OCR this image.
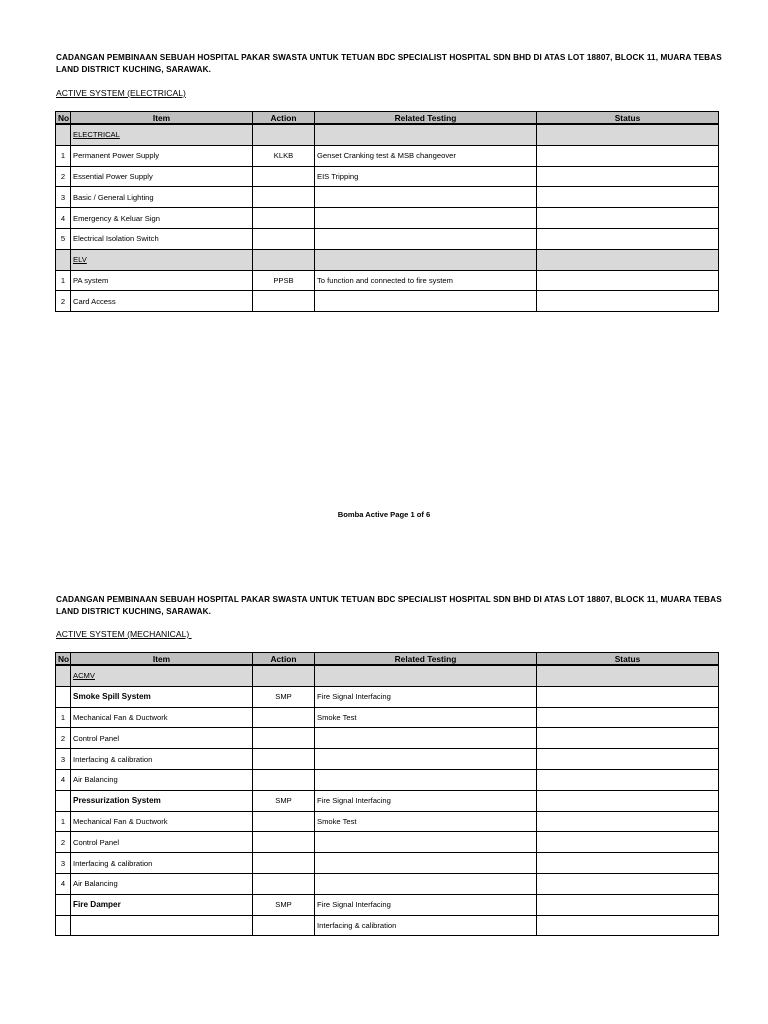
CADANGAN PEMBINAAN SEBUAH HOSPITAL PAKAR SWASTA UNTUK TETUAN BDC SPECIALIST HOSPITAL SDN BHD DI ATAS LOT 18807, BLOCK 11, MUARA TEBAS LAND DISTRICT KUCHING, SARAWAK.
ACTIVE SYSTEM (ELECTRICAL)
No	Item	Action	Related Testing	Status
	ELECTRICAL			
1	Permanent Power Supply	KLKB	Genset Cranking test & MSB changeover	
2	Essential Power Supply		EIS Tripping	
3	Basic / General Lighting			
4	Emergency & Keluar Sign			
5	Electrical Isolation Switch			
	ELV			
1	PA system	PPSB	To function and connected to fire system	
2	Card Access			
Bomba Active Page 1 of 6
CADANGAN PEMBINAAN SEBUAH HOSPITAL PAKAR SWASTA UNTUK TETUAN BDC SPECIALIST HOSPITAL SDN BHD DI ATAS LOT 18807, BLOCK 11, MUARA TEBAS LAND DISTRICT KUCHING, SARAWAK.
ACTIVE SYSTEM (MECHANICAL)
No	Item	Action	Related Testing	Status
	ACMV			
	Smoke Spill System	SMP	Fire Signal Interfacing	
1	Mechanical Fan & Ductwork		Smoke Test	
2	Control Panel			
3	Interfacing & calibration			
4	Air Balancing			
	Pressurization System	SMP	Fire Signal Interfacing	
1	Mechanical Fan & Ductwork		Smoke Test	
2	Control Panel			
3	Interfacing & calibration			
4	Air Balancing			
	Fire Damper	SMP	Fire Signal Interfacing	
			Interfacing & calibration	
